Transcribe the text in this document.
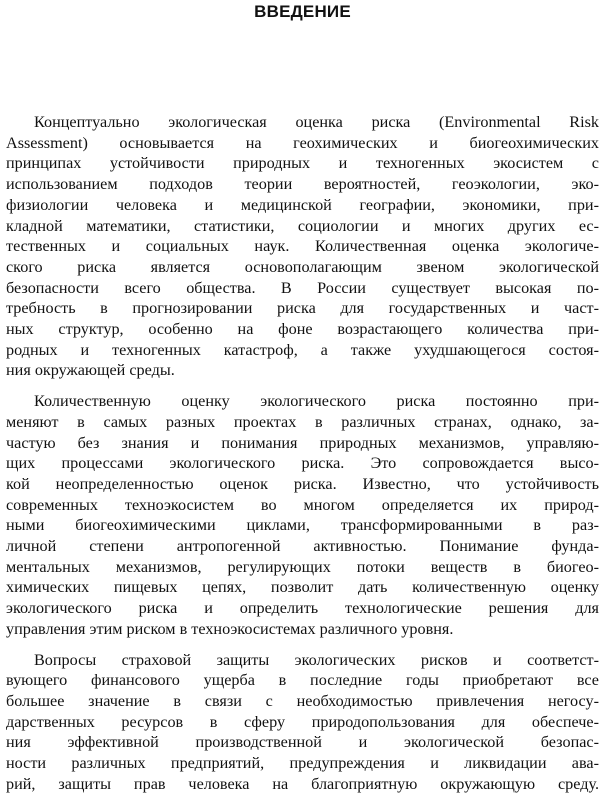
ВВЕДЕНИЕ

Концептуально экологическая оценка риска (Environmental Risk
Assessment) основывается на геохимических и биогеохимических
принципах устойчивости природных и техногенных экосистем с
использованием подходов теории вероятностей, геоэкологии, эко-
физиологии человека и медицинской географии, экономики, при-
кладной математики, статистики, социологии и многих других ес-
тественных и социальных наук. Количественная оценка экологиче-
ского риска является основополагающим звеном экологической
безопасности всего общества. В России существует высокая по-
требность в прогнозировании риска для государственных и част-
ных структур, особенно на фоне возрастающего количества при-
родных и техногенных катастроф, а также ухудшающегося состоя-
ния окружающей среды.

Количественную оценку экологического риска постоянно при-
меняют в самых разных проектах в различных странах, однако, за-
частую без знания и понимания природных механизмов, управляю-
щих процессами экологического риска. Это сопровождается высо-
кой неопределенностью оценок риска. Известно, что устойчивость
современных техноэкосистем во многом определяется их природ-
ными биогеохимическими циклами, трансформированными в раз-
личной степени антропогенной активностью. Понимание фунда-
ментальных механизмов, регулирующих потоки веществ в биогео-
химических пищевых цепях, позволит дать количественную оценку
экологического риска и определить технологические решения для
управления этим риском в техноэкосистемах различного уровня.

Вопросы страховой защиты экологических рисков и соответст-
вующего финансового ущерба в последние годы приобретают все
большее значение в связи с необходимостью привлечения негосу-
дарственных ресурсов в сферу природопользования для обеспече-
ния эффективной производственной и экологической безопас-
ности различных предприятий, предупреждения и ликвидации ава-
рий, защиты прав человека на благоприятную окружающую среду.
